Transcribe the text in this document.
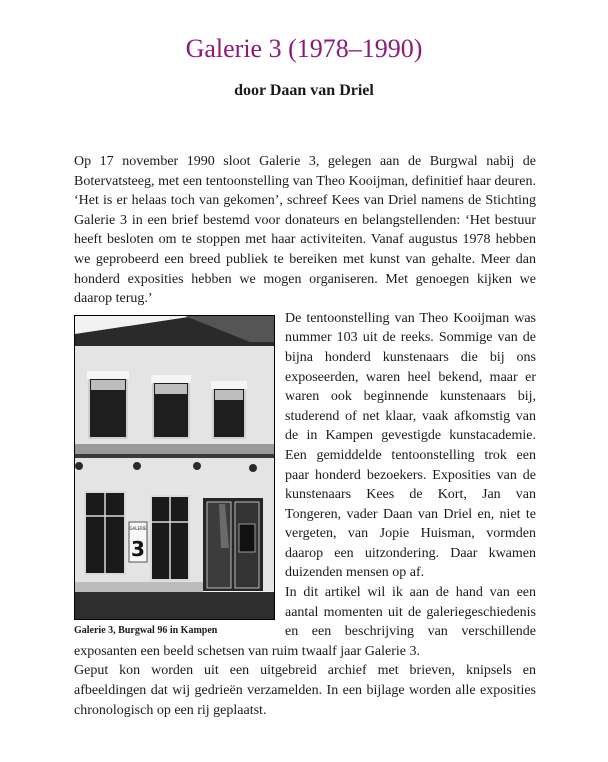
Galerie 3 (1978–1990)
door Daan van Driel

Op 17 november 1990 sloot Galerie 3, gelegen aan de Burgwal nabij de Botervatsteeg, met een tentoonstelling van Theo Kooijman, definitief haar deuren. ‘Het is er helaas toch van gekomen’, schreef Kees van Driel namens de Stichting Galerie 3 in een brief bestemd voor donateurs en belangstellenden: ‘Het bestuur heeft besloten om te stoppen met haar activiteiten. Vanaf augustus 1978 hebben we geprobeerd een breed publiek te bereiken met kunst van gehalte. Meer dan honderd exposities hebben we mogen organiseren. Met genoegen kijken we daarop terug.’

GALERIE
3
Galerie 3, Burgwal 96 in Kampen

De tentoonstelling van Theo Kooijman was nummer 103 uit de reeks. Sommige van de bijna honderd kunstenaars die bij ons exposeerden, waren heel bekend, maar er waren ook beginnende kunstenaars bij, studerend of net klaar, vaak afkomstig van de in Kampen gevestigde kunstacademie. Een gemiddelde tentoonstelling trok een paar honderd bezoekers. Exposities van de kunstenaars Kees de Kort, Jan van Tongeren, vader Daan van Driel en, niet te vergeten, van Jopie Huisman, vormden daarop een uitzondering. Daar kwamen duizenden mensen op af.

In dit artikel wil ik aan de hand van een aantal momenten uit de galeriegeschiedenis en een beschrijving van verschillende exposanten een beeld schetsen van ruim twaalf jaar Galerie 3.

Geput kon worden uit een uitgebreid archief met brieven, knipsels en afbeeldingen dat wij gedrieën verzamelden. In een bijlage worden alle exposities chronologisch op een rij geplaatst.
